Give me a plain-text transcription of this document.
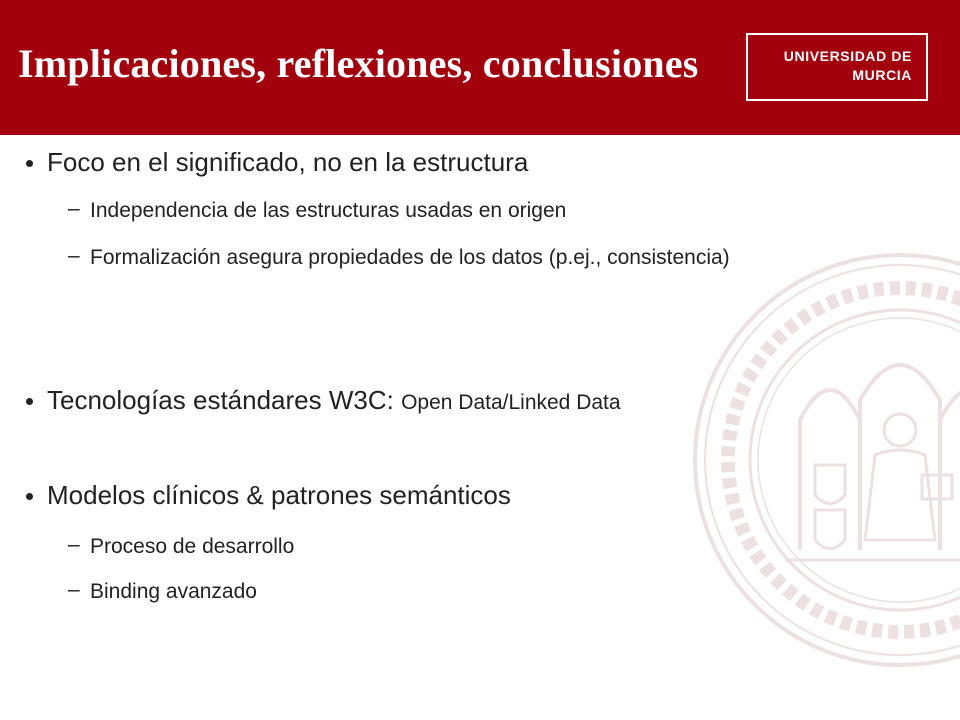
Implicaciones, reflexiones, conclusiones	UNIVERSIDAD DE
MURCIA
Foco en el significado, no en la estructura
– Independencia de las estructuras usadas en origen
– Formalización asegura propiedades de los datos (p.ej., consistencia)
Tecnologías estándares W3C: Open Data/Linked Data
Modelos clínicos & patrones semánticos
– Proceso de desarrollo
– Binding avanzado
